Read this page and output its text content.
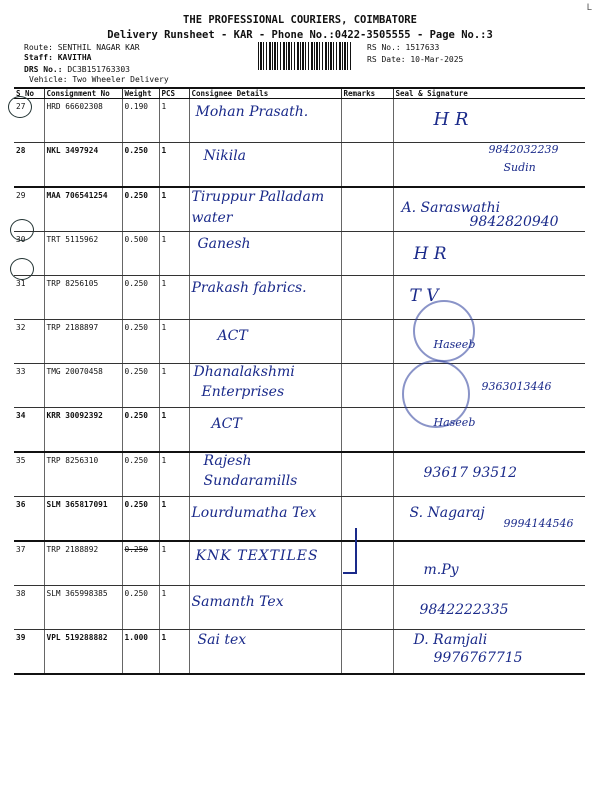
L
THE PROFESSIONAL COURIERS, COIMBATORE
Delivery Runsheet - KAR - Phone No.:0422-3505555 - Page No.:3
Route: SENTHIL NAGAR KAR
Staff: KAVITHA
DRS No.: DC3B151763303
Vehicle: Two Wheeler Delivery
RS No.: 1517633
RS Date: 10-Mar-2025
S No	Consignment No	Weight	PCS	Consignee Details	Remarks	Seal & Signature
27	HRD 66602308	0.190	1	Mohan Prasath.		H R

28	NKL 3497924	0.250	1	Nikila		9842032239
Sudin

29	MAA 706541254	0.250	1	Tiruppur Palladam
water		A. Saraswathi
9842820940

30	TRT 5115962	0.500	1	Ganesh		H R

31	TRP 8256105	0.250	1	Prakash fabrics.		T V

32	TRP 2188897	0.250	1	ACT		Haseeb

33	TMG 20070458	0.250	1	Dhanalakshmi
Enterprises		9363013446

34	KRR 30092392	0.250	1	ACT		Haseeb

35	TRP 8256310	0.250	1	Rajesh
Sundaramills		93617 93512

36	SLM 365817091	0.250	1	Lourdumatha Tex		S. Nagaraj
9994144546

37	TRP 2188892	0.250	1	KNK TEXTILES		m.Py

38	SLM 365998385	0.250	1	Samanth Tex		9842222335

39	VPL 519288882	1.000	1	Sai tex		D. Ramjali
9976767715
